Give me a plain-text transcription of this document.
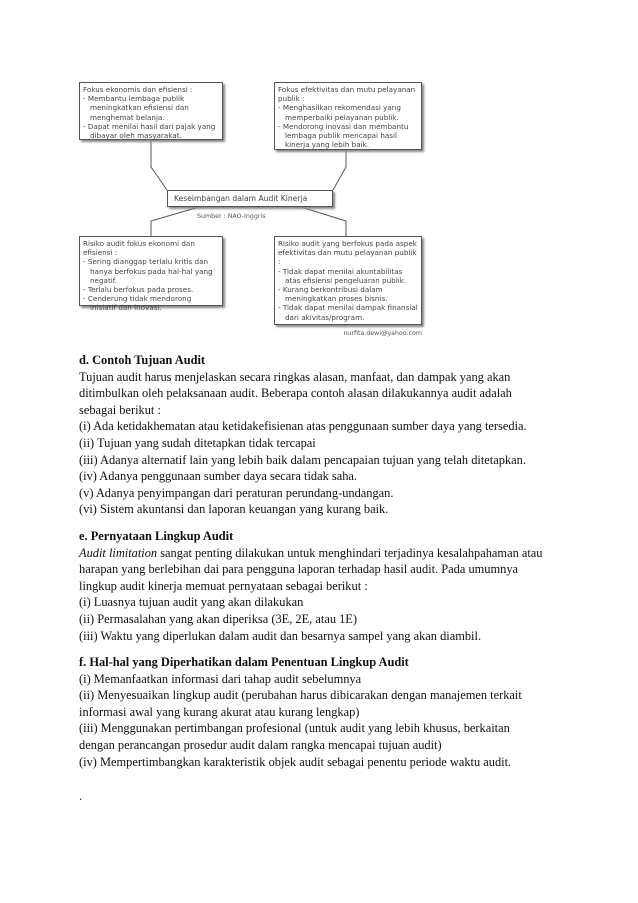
Fokus ekonomis dan efisiensi :
- Membantu lembaga publik meningkatkan efisiensi dan menghemat belanja.
- Dapat menilai hasil dari pajak yang dibayar oleh masyarakat.
Fokus efektivitas dan mutu pelayanan publik :
- Menghasilkan rekomendasi yang memperbaiki pelayanan publik.
- Mendorong inovasi dan membantu lembaga publik mencapai hasil kinerja yang lebih baik.
Keseimbangan dalam Audit Kinerja
Sumber : NAO-Inggris
Risiko audit fokus ekonomi dan efisiensi :
- Sering dianggap terlalu kritis dan hanya berfokus pada hal-hal yang negatif.
- Terlalu berfokus pada proses.
- Cenderung tidak mendorong inisiatif dan inovasi.
Risiko audit yang berfokus pada aspek efektivitas dan mutu pelayanan publik :
- Tidak dapat menilai akuntabilitas atas efisiensi pengeluaran publik.
- Kurang berkontribusi dalam meningkatkan proses bisnis.
- Tidak dapat menilai dampak finansial dari akivitas/program.
nurfita.dewi@yahoo.com

d. Contoh Tujuan Audit

Tujuan audit harus menjelaskan secara ringkas alasan, manfaat, dan dampak yang akan

ditimbulkan oleh pelaksanaan audit. Beberapa contoh alasan dilakukannya audit adalah

sebagai berikut :

(i) Ada ketidakhematan atau ketidakefisienan atas penggunaan sumber daya yang tersedia.

(ii) Tujuan yang sudah ditetapkan tidak tercapai

(iii) Adanya alternatif lain yang lebih baik dalam pencapaian tujuan yang telah ditetapkan.

(iv) Adanya penggunaan sumber daya secara tidak saha.

(v) Adanya penyimpangan dari peraturan perundang-undangan.

(vi) Sistem akuntansi dan laporan keuangan yang kurang baik.

e. Pernyataan Lingkup Audit

Audit limitation sangat penting dilakukan untuk menghindari terjadinya kesalahpahaman atau

harapan yang berlebihan dai para pengguna laporan terhadap hasil audit. Pada umumnya

lingkup audit kinerja memuat pernyataan sebagai berikut :

(i) Luasnya tujuan audit yang akan dilakukan

(ii) Permasalahan yang akan diperiksa (3E, 2E, atau 1E)

(iii) Waktu yang diperlukan dalam audit dan besarnya sampel yang akan diambil.

f. Hal-hal yang Diperhatikan dalam Penentuan Lingkup Audit

(i) Memanfaatkan informasi dari tahap audit sebelumnya

(ii) Menyesuaikan lingkup audit (perubahan harus dibicarakan dengan manajemen terkait

informasi awal yang kurang akurat atau kurang lengkap)

(iii) Menggunakan pertimbangan profesional (untuk audit yang lebih khusus, berkaitan

dengan perancangan prosedur audit dalam rangka mencapai tujuan audit)

(iv) Mempertimbangkan karakteristik objek audit sebagai penentu periode waktu audit.

.
